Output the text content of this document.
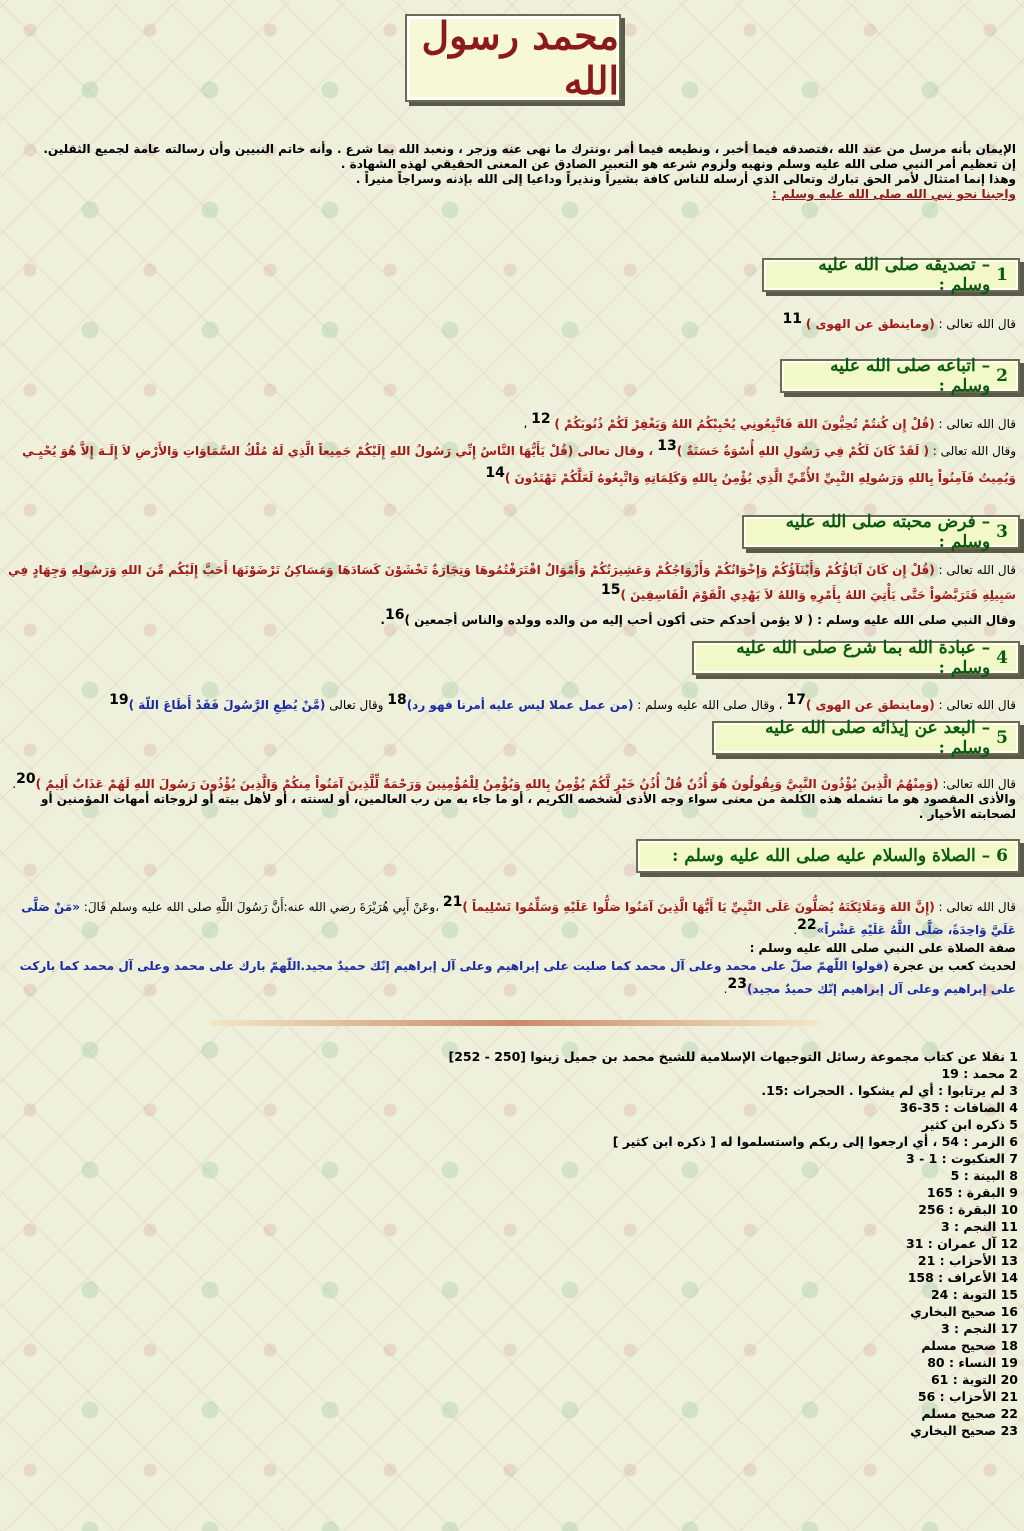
محمد رسول الله

الإيمان بأنه مرسل من عند الله ،فتصدقه فيما أخبر ، ونطيعه فيما أمر ،ونترك ما نهى عنه وزجر ، ونعبد الله بما شرع . وأنه خاتم النبيين وأن رسالته عامة لجميع الثقلين.

إن تعظيم أمر النبي صلى الله عليه وسلم ونهيه ولزوم شرعه هو التعبير الصادق عن المعنى الحقيقي لهذه الشهادة .

وهذا إنما امتثال لأمر الحق تبارك وتعالى الذي أرسله للناس كافة بشيراً ونذيراً وداعيا إلى الله بإذنه وسراجاً منيراً .

واجبنا نحو نبي الله صلى الله عليه وسلم :

1
– تصديقه صلى الله عليه وسلم :

قال الله تعالى : (وماينطق عن الهوى ) $^{11}$

2
– اتباعه صلى الله عليه وسلم :

قال الله تعالى : (قُلْ إِن كُنتُمْ تُحِبُّونَ اللهَ فَاتَّبِعُونِي يُحْبِبْكُمُ اللهُ وَيَغْفِرْ لَكُمْ ذُنُوبَكُمْ ) $^{12}$ ،

وقال الله تعالى : ( لَقَدْ كَانَ لَكُمْ فِي رَسُولِ اللهِ أُسْوَةٌ حَسَنَةٌ )$^{13}$ ، وقال تعالى (قُلْ يَأَيُّهَا النَّاسُ إِنِّي رَسُولُ اللهِ إِلَيْكُمْ جَمِيعاً الَّذِي لَهُ مُلْكُ السَّمَاوَاتِ وَالأَرْضِ لاَ إِلَـهَ إِلاَّ هُوَ يُحْيِـي وَيُمِيتُ فَآمِنُواْ بِاللهِ وَرَسُولِهِ النَّبِيِّ الأُمِّيِّ الَّذِي يُؤْمِنُ بِاللهِ وَكَلِمَاتِهِ وَاتَّبِعُوهُ لَعَلَّكُمْ تَهْتَدُونَ )$^{14}$

3
– فرض محبته صلى الله عليه وسلم :

قال الله تعالى : (قُلْ إِن كَانَ آبَاؤُكُمْ وَأَبْنَآؤُكُمْ وَإِخْوَانُكُمْ وَأَزْوَاجُكُمْ وَعَشِيرَتُكُمْ وَأَمْوَالٌ اقْتَرَفْتُمُوهَا وَتِجَارَةٌ تَخْشَوْنَ كَسَادَهَا وَمَسَاكِنُ تَرْضَوْنَهَا أَحَبَّ إِلَيْكُم مِّنَ اللهِ وَرَسُولِهِ وَجِهَادٍ فِي سَبِيلِهِ فَتَرَبَّصُواْ حَتَّى يَأْتِيَ اللهُ بِأَمْرِهِ وَاللهُ لاَ يَهْدِي الْقَوْمَ الْفَاسِقِينَ )$^{15}$

وقال النبي صلى الله عليه وسلم : ( لا يؤمن أحدكم حتى أكون أحب إليه من والده وولده والناس أجمعين )$^{16}$.

4
– عبادة الله بما شرع صلى الله عليه وسلم :

قال الله تعالى : (وماينطق عن الهوى )$^{17}$ ، وقال صلى الله عليه وسلم : (من عمل عملا ليس عليه أمرنا فهو رد)$^{18}$ وقال تعالى (مَّنْ يُطِعِ الرَّسُولَ فَقَدْ أَطَاعَ اللّهَ )$^{19}$

5
– البعد عن إيذائه صلى الله عليه وسلم :

قال الله تعالى: (وَمِنْهُمُ الَّذِينَ يُؤْذُونَ النَّبِيَّ وَيِقُولُونَ هُوَ أُذُنٌ قُلْ أُذُنُ خَيْرٍ لَّكُمْ يُؤْمِنُ بِاللهِ وَيُؤْمِنُ لِلْمُؤْمِنِينَ وَرَحْمَةٌ لِّلَّذِينَ آمَنُواْ مِنكُمْ وَالَّذِينَ يُؤْذُونَ رَسُولَ اللهِ لَهُمْ عَذَابٌ أَلِيمٌ )$^{20}$.

والأذى المقصود هو ما تشمله هذه الكلمة من معنى سواء وجه الأذى لشخصه الكريم ، أو ما جاء به من رب العالمين، أو لسنته ، أو لأهل بيته أو لزوجاته أمهات المؤمنين أو لصحابته الأخيار .

6
– الصلاة والسلام عليه صلى الله عليه وسلم :

قال الله تعالى : (إِنَّ اللهَ وَمَلَائِكَتَهُ يُصَلُّونَ عَلَى النَّبِيِّ يَا أَيُّهَا الَّذِينَ آمَنُوا صَلُّوا عَلَيْهِ وَسَلِّمُوا تَسْلِيماً )$^{21}$ ،وعَنْ أَبِي هُرَيْرَةَ رضي الله عنه:أَنَّ رَسُولَ اللَّهِ صلى الله عليه وسلم قَالَ: «مَنْ صَلَّى عَلَيَّ وَاحِدَةً، صَلَّى اللَّهُ عَلَيْهِ عَشْراً»$^{22}$.

صفة الصلاة على النبي صلى الله عليه وسلم :

لحديث كعب بن عجرة (قولوا اللّهمّ صلّ على محمد وعلى آل محمد كما صليت على إبراهيم وعلى آل إبراهيم إنّك حميدٌ مجيد.اللّهمّ بارك على محمد وعلى آل محمد كما باركت على إبراهيم وعلى آل إبراهيم إنّك حميدٌ مجيد)$^{23}$.

1 نقلا عن كتاب مجموعة رسائل التوجيهات الإسلامية للشيخ محمد بن جميل زينوا [250 - 252]
2 محمد : 19
3 لم يرتابوا : أي لم يشكوا . الحجرات :15.
4 الصافات : 35-36
5 ذكره ابن كثير
6 الزمر : 54 ، أي ارجعوا إلى ربكم واستسلموا له [ ذكره ابن كثير ]
7 العنكبوت : 1 - 3
8 البينة : 5
9 البقرة : 165
10 البقرة : 256
11 النجم : 3
12 آل عمران : 31
13 الأحزاب : 21
14 الأعراف : 158
15 التوبة : 24
16 صحيح البخاري
17 النجم : 3
18 صحيح مسلم
19 النساء : 80
20 التوبة : 61
21 الأحزاب : 56
22 صحيح مسلم
23 صحيح البخاري
